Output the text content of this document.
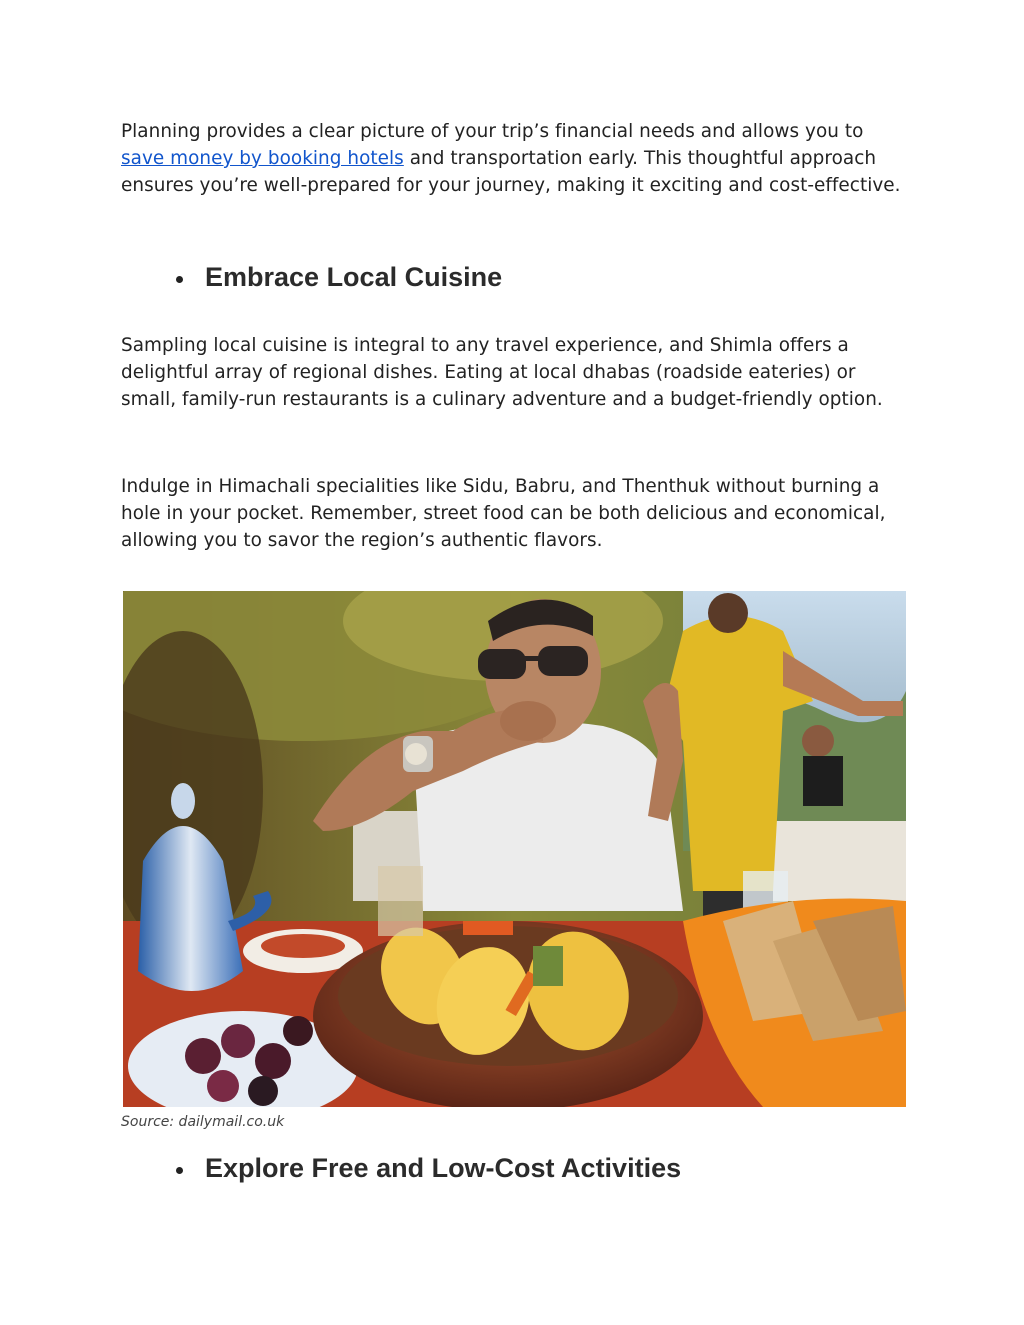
Planning provides a clear picture of your trip’s financial needs and allows you to save money by booking hotels and transportation early. This thoughtful approach ensures you’re well-prepared for your journey, making it exciting and cost-effective.

Embrace Local Cuisine

Sampling local cuisine is integral to any travel experience, and Shimla offers a delightful array of regional dishes. Eating at local dhabas (roadside eateries) or small, family-run restaurants is a culinary adventure and a budget-friendly option.

Indulge in Himachali specialities like Sidu, Babru, and Thenthuk without burning a hole in your pocket. Remember, street food can be both delicious and economical, allowing you to savor the region’s authentic flavors.

Source: dailymail.co.uk

Explore Free and Low-Cost Activities
